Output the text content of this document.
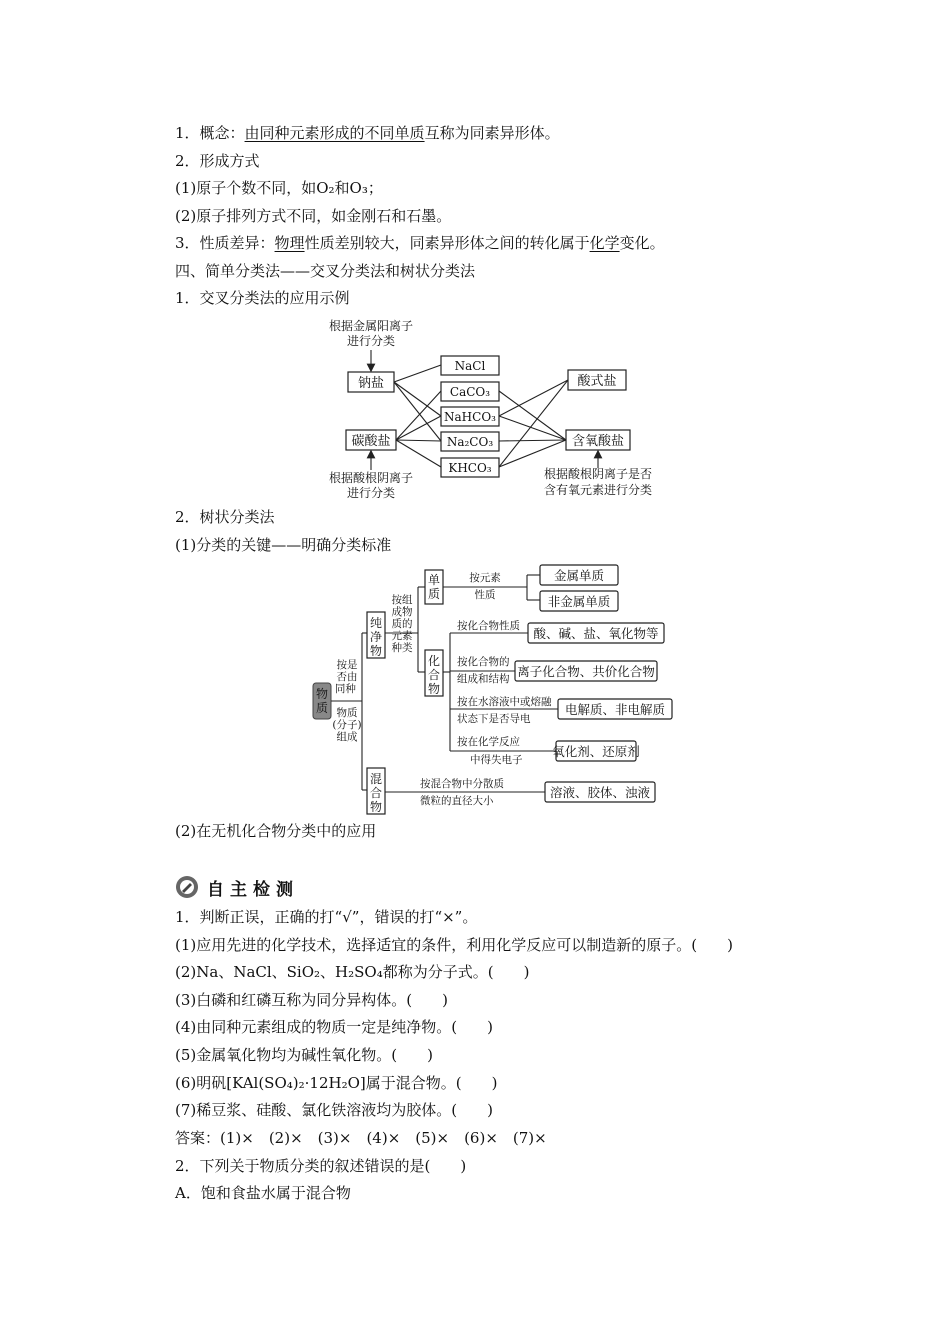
1．概念：由同种元素形成的不同单质互称为同素异形体。
2．形成方式
(1)原子个数不同，如O₂和O₃；
(2)原子排列方式不同，如金刚石和石墨。
3．性质差异：物理性质差别较大，同素异形体之间的转化属于化学变化。
四、简单分类法——交叉分类法和树状分类法
1．交叉分类法的应用示例
根据金属阳离子
进行分类
钠盐
碳酸盐
根据酸根阴离子
进行分类
NaCl
CaCO₃
NaHCO₃
Na₂CO₃
KHCO₃
酸式盐
含氧酸盐
根据酸根阴离子是否
含有氧元素进行分类
2．树状分类法
(1)分类的关键——明确分类标准
物质
按是否由同种 物质(分子)组成
纯净物
按组成物质的元素种类
单质
按元素性质
金属单质
非金属单质
化合物
按化合物性质 酸、碱、盐、氧化物等
按化合物的
组成和结构 离子化合物、共价化合物
按在水溶液中或熔融
状态下是否导电
电解质、非电解质
按在化学反应
中得失电子
氧化剂、还原剂
混合物
按混合物中分散质
微粒的直径大小
溶液、胶体、浊液
(2)在无机化合物分类中的应用
自主检测
1．判断正误，正确的打“√”，错误的打“×”。
(1)应用先进的化学技术，选择适宜的条件，利用化学反应可以制造新的原子。(　　)
(2)Na、NaCl、SiO₂、H₂SO₄都称为分子式。(　　)
(3)白磷和红磷互称为同分异构体。(　　)
(4)由同种元素组成的物质一定是纯净物。(　　)
(5)金属氧化物均为碱性氧化物。(　　)
(6)明矾[KAl(SO₄)₂·12H₂O]属于混合物。(　　)
(7)稀豆浆、硅酸、氯化铁溶液均为胶体。(　　)
答案：(1)×　(2)×　(3)×　(4)×　(5)×　(6)×　(7)×
2．下列关于物质分类的叙述错误的是(　　)
A．饱和食盐水属于混合物
